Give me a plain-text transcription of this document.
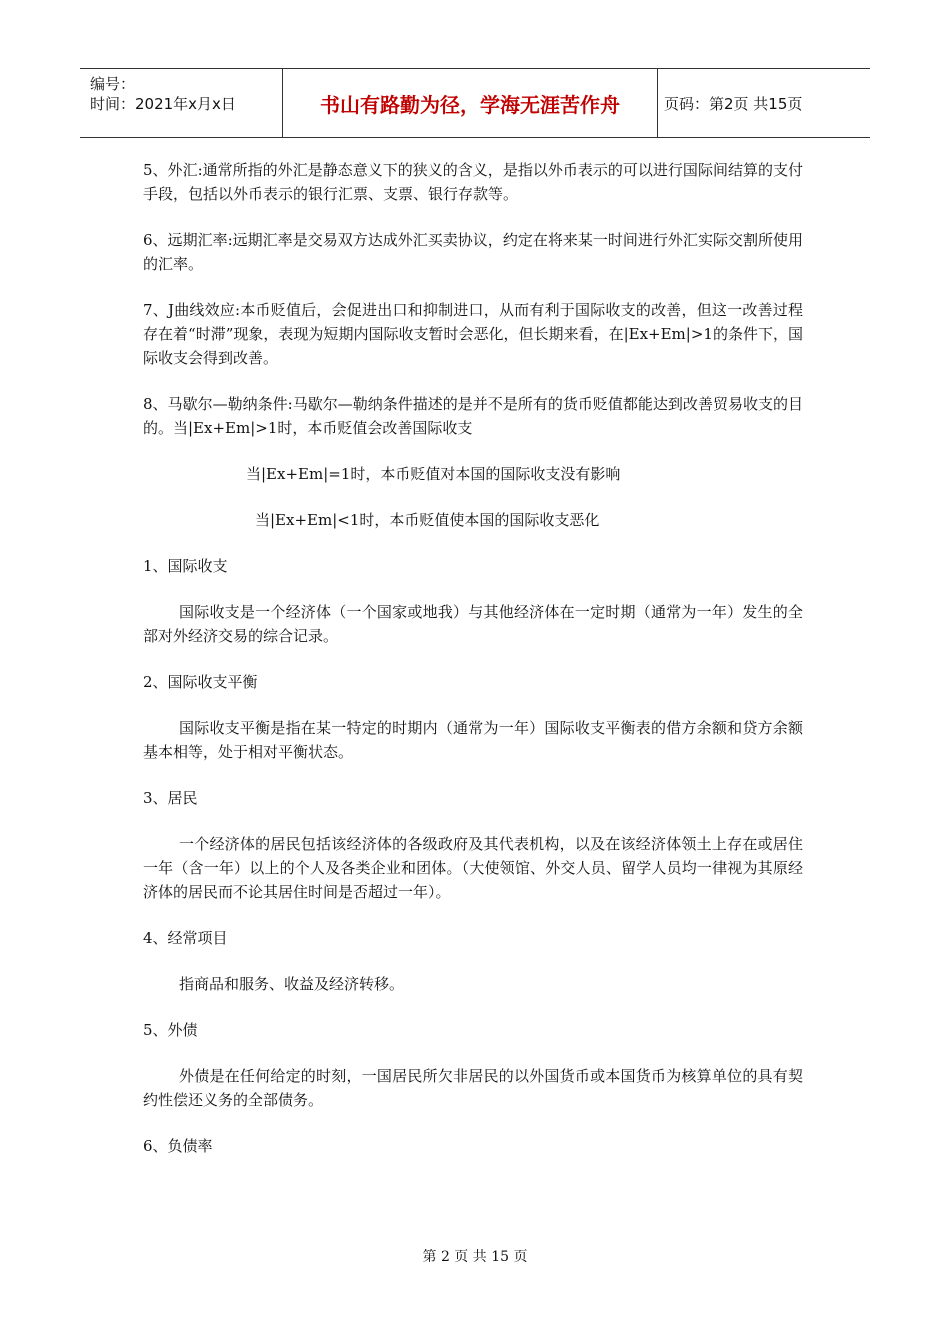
编号：
时间：2021年x月x日	书山有路勤为径，学海无涯苦作舟	页码：第2页 共15页

5、外汇:通常所指的外汇是静态意义下的狭义的含义，是指以外币表示的可以进行国际间结算的支付手段，包括以外币表示的银行汇票、支票、银行存款等。

6、远期汇率:远期汇率是交易双方达成外汇买卖协议，约定在将来某一时间进行外汇实际交割所使用的汇率。

7、J曲线效应:本币贬值后，会促进出口和抑制进口，从而有利于国际收支的改善，但这一改善过程存在着“时滞”现象，表现为短期内国际收支暂时会恶化，但长期来看，在|Ex+Em|>1的条件下，国际收支会得到改善。

8、马歇尔—勒纳条件:马歇尔—勒纳条件描述的是并不是所有的货币贬值都能达到改善贸易收支的目的。当|Ex+Em|>1时，本币贬值会改善国际收支

当|Ex+Em|=1时，本币贬值对本国的国际收支没有影响

当|Ex+Em|<1时，本币贬值使本国的国际收支恶化

1、国际收支

国际收支是一个经济体（一个国家或地我）与其他经济体在一定时期（通常为一年）发生的全部对外经济交易的综合记录。

2、国际收支平衡

国际收支平衡是指在某一特定的时期内（通常为一年）国际收支平衡表的借方余额和贷方余额基本相等，处于相对平衡状态。

3、居民

一个经济体的居民包括该经济体的各级政府及其代表机构，以及在该经济体领土上存在或居住一年（含一年）以上的个人及各类企业和团体。（大使领馆、外交人员、留学人员均一律视为其原经济体的居民而不论其居住时间是否超过一年）。

4、经常项目

指商品和服务、收益及经济转移。

5、外债

外债是在任何给定的时刻，一国居民所欠非居民的以外国货币或本国货币为核算单位的具有契约性偿还义务的全部债务。

6、负债率

第 2 页 共 15 页
